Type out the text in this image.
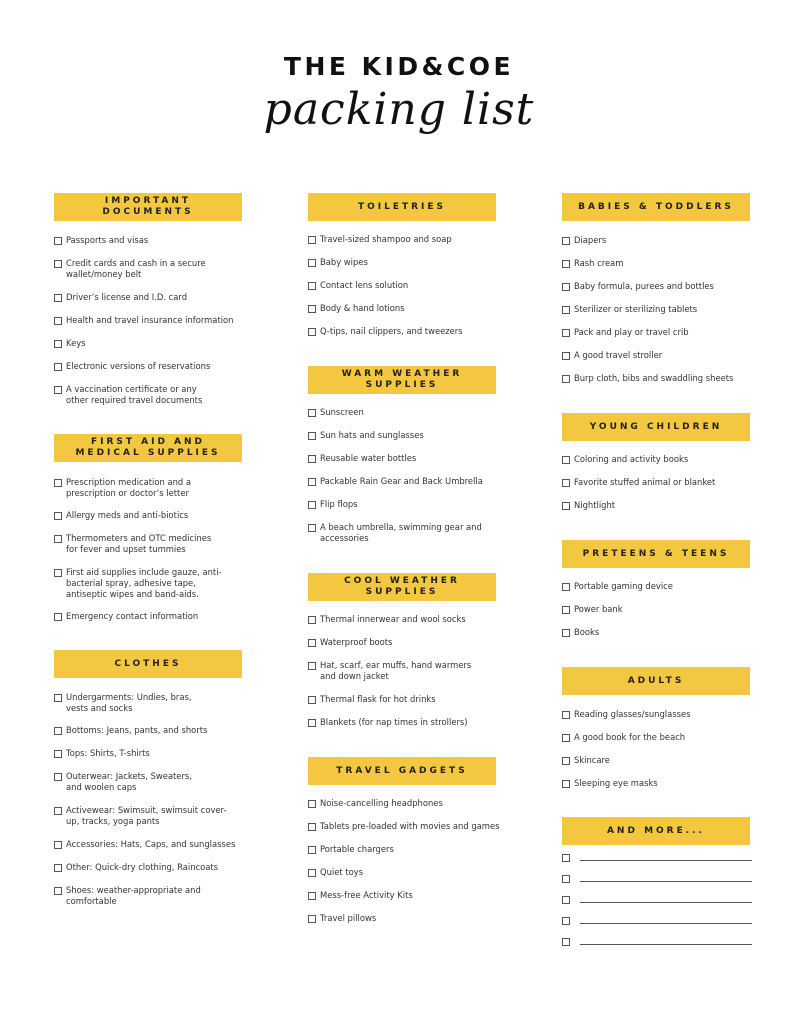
THE KID&COE
packing list
IMPORTANT
DOCUMENTS
Passports and visas
Credit cards and cash in a secure
wallet/money belt
Driver’s license and I.D. card
Health and travel insurance information
Keys
Electronic versions of reservations
A vaccination certificate or any
other required travel documents
FIRST AID AND
MEDICAL SUPPLIES
Prescription medication and a
prescription or doctor’s letter
Allergy meds and anti-biotics
Thermometers and OTC medicines
for fever and upset tummies
First aid supplies include gauze, anti-
bacterial spray, adhesive tape,
antiseptic wipes and band-aids.
Emergency contact information
CLOTHES
Undergarments: Undies, bras,
vests and socks
Bottoms: Jeans, pants, and shorts
Tops: Shirts, T-shirts
Outerwear: Jackets, Sweaters,
and woolen caps
Activewear: Swimsuit, swimsuit cover-
up, tracks, yoga pants
Accessories: Hats, Caps, and sunglasses
Other: Quick-dry clothing, Raincoats
Shoes: weather-appropriate and
comfortable
TOILETRIES
Travel-sized shampoo and soap
Baby wipes
Contact lens solution
Body & hand lotions
Q-tips, nail clippers, and tweezers
WARM WEATHER
SUPPLIES
Sunscreen
Sun hats and sunglasses
Reusable water bottles
Packable Rain Gear and Back Umbrella
Flip flops
A beach umbrella, swimming gear and
accessories
COOL WEATHER
SUPPLIES
Thermal innerwear and wool socks
Waterproof boots
Hat, scarf, ear muffs, hand warmers
and down jacket
Thermal flask for hot drinks
Blankets (for nap times in strollers)
TRAVEL GADGETS
Noise-cancelling headphones
Tablets pre-loaded with movies and games
Portable chargers
Quiet toys
Mess-free Activity Kits
Travel pillows
BABIES & TODDLERS
Diapers
Rash cream
Baby formula, purees and bottles
Sterilizer or sterilizing tablets
Pack and play or travel crib
A good travel stroller
Burp cloth, bibs and swaddling sheets
YOUNG CHILDREN
Coloring and activity books
Favorite stuffed animal or blanket
Nightlight
PRETEENS & TEENS
Portable gaming device
Power bank
Books
ADULTS
Reading glasses/sunglasses
A good book for the beach
Skincare
Sleeping eye masks
AND MORE...
